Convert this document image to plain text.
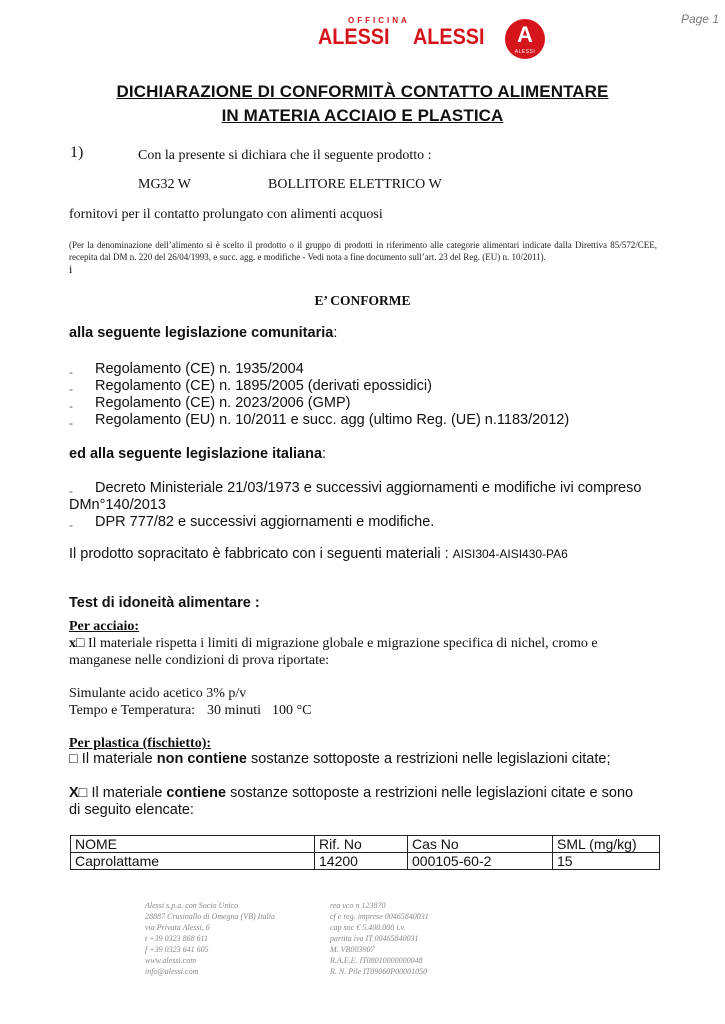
Page 1
OFFICINA
ALESSI ALESSI	A
ALESSI
DICHIARAZIONE DI CONFORMITÀ CONTATTO ALIMENTARE
IN MATERIA ACCIAIO E PLASTICA
1)	Con la presente si dichiara che il seguente prodotto :
MG32 W	BOLLITORE ELETTRICO W
fornitovi per il contatto prolungato con alimenti acquosi
(Per la denominazione dell’alimento si è scelto il prodotto o il gruppo di prodotti in riferimento alle categorie alimentari indicate dalla Direttiva 85/572/CEE, recepita dal DM n. 220 del 26/04/1993, e succ. agg. e modifiche - Vedi nota a fine documento sull’art. 23 del Reg. (EU) n. 10/2011).
i
E’ CONFORME
alla seguente legislazione comunitaria:
- Regolamento (CE) n. 1935/2004
- Regolamento (CE) n. 1895/2005 (derivati epossidici)
- Regolamento (CE) n. 2023/2006 (GMP)
- Regolamento (EU) n. 10/2011 e succ. agg (ultimo Reg. (UE) n.1183/2012)
ed alla seguente legislazione italiana:
- Decreto Ministeriale 21/03/1973 e successivi aggiornamenti e modifiche ivi compreso
DMn°140/2013
- DPR 777/82 e successivi aggiornamenti e modifiche.
Il prodotto sopracitato è fabbricato con i seguenti materiali : AISI304-AISI430-PA6
Test di idoneità alimentare :
Per acciaio:
x□ Il materiale rispetta i limiti di migrazione globale e migrazione specifica di nichel, cromo e
manganese nelle condizioni di prova riportate:
Simulante acido acetico 3% p/v
Tempo e Temperatura: 30 minuti 100 °C
Per plastica (fischietto):
□ Il materiale non contiene sostanze sottoposte a restrizioni nelle legislazioni citate;
X□ Il materiale contiene sostanze sottoposte a restrizioni nelle legislazioni citate e sono
di seguito elencate:
NOME	Rif. No	Cas No	SML (mg/kg)
Caprolattame	14200	000105-60-2	15
Alessi s.p.a. con Socio Unico
28887 Crusinallo di Omegna (VB) Italia
via Privata Alessi, 6
t +39 0323 868 611
f +39 0323 641 605
www.alessi.com
info@alessi.com
rea vco n 123870
cf e reg. imprese 00465840031
cap soc € 5.400.000 i.v.
partita iva IT 00465840031
M. VB003907
R.A.E.E. IT08010000000048
R. N. Pile IT09060P00001050
